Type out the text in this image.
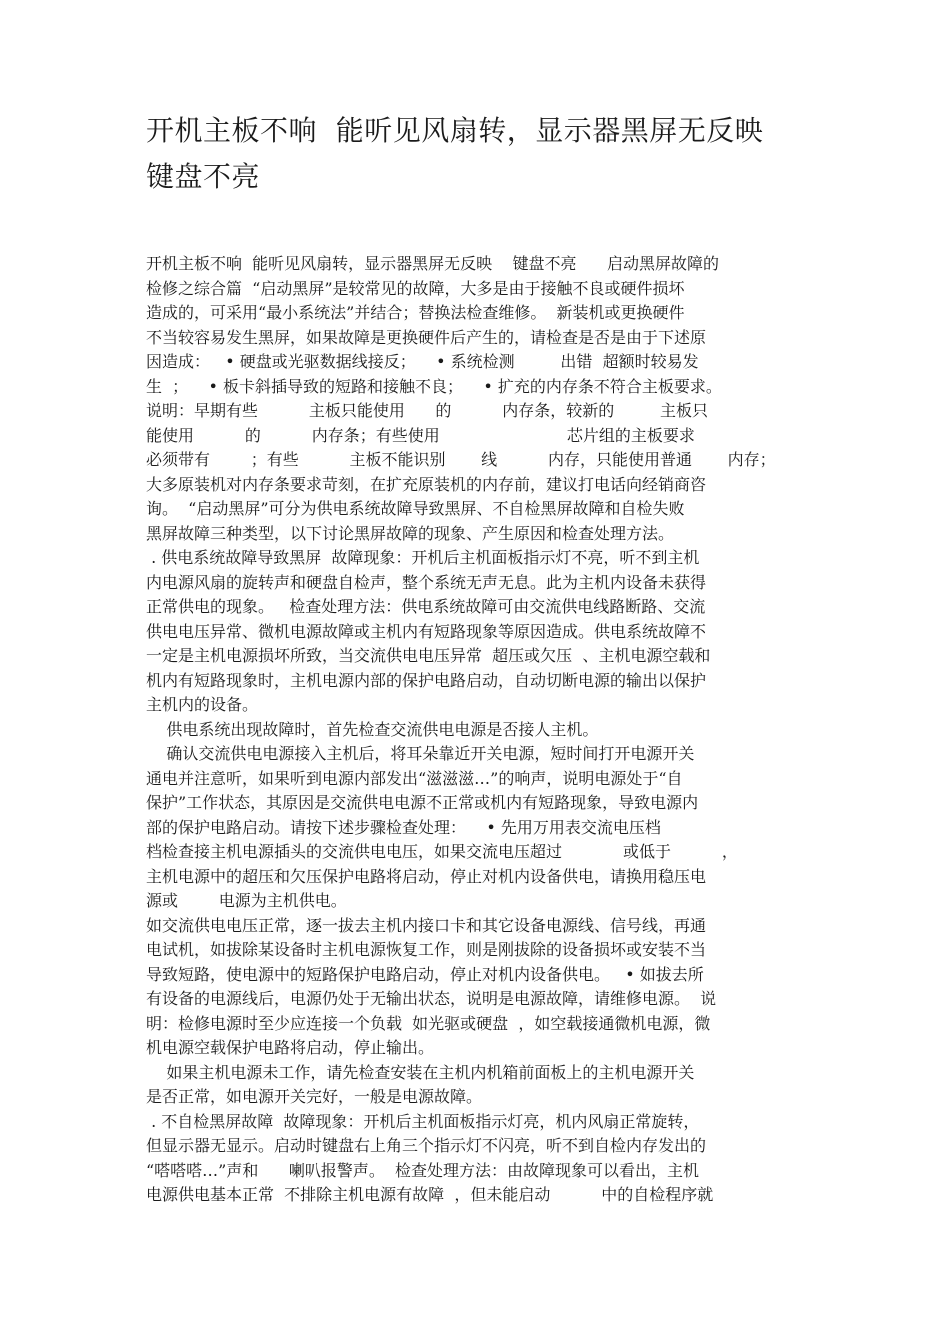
开机主板不响  能听见风扇转，显示器黑屏无反映
键盘不亮
开机主板不响  能听见风扇转，显示器黑屏无反映    键盘不亮      启动黑屏故障的
检修之综合篇  “启动黑屏”是较常见的故障，大多是由于接触不良或硬件损坏
造成的，可采用“最小系统法”并结合；替换法检查维修。  新装机或更换硬件
不当较容易发生黑屏，如果故障是更换硬件后产生的，请检查是否是由于下述原
因造成：   • 硬盘或光驱数据线接反；    • 系统检测         出错  超额时较易发
生  ；    • 板卡斜插导致的短路和接触不良；    • 扩充的内存条不符合主板要求。
说明：早期有些          主板只能使用      的          内存条，较新的         主板只
能使用          的          内存条；有些使用                         芯片组的主板要求
必须带有        ；有些          主板不能识别       线          内存，只能使用普通       内存；
大多原装机对内存条要求苛刻，在扩充原装机的内存前，建议打电话向经销商咨
询。  “启动黑屏”可分为供电系统故障导致黑屏、不自检黑屏故障和自检失败
黑屏故障三种类型，以下讨论黑屏故障的现象、产生原因和检查处理方法。
. 供电系统故障导致黑屏  故障现象：开机后主机面板指示灯不亮，听不到主机
内电源风扇的旋转声和硬盘自检声，整个系统无声无息。此为主机内设备未获得
正常供电的现象。   检查处理方法：供电系统故障可由交流供电线路断路、交流
供电电压异常、微机电源故障或主机内有短路现象等原因造成。供电系统故障不
一定是主机电源损坏所致，当交流供电电压异常  超压或欠压  、主机电源空载和
机内有短路现象时，主机电源内部的保护电路启动，自动切断电源的输出以保护
主机内的设备。
供电系统出现故障时，首先检查交流供电电源是否接人主机。
确认交流供电电源接入主机后，将耳朵靠近开关电源，短时间打开电源开关
通电并注意听，如果听到电源内部发出“滋滋滋…”的响声，说明电源处于“自
保护”工作状态，其原因是交流供电电源不正常或机内有短路现象，导致电源内
部的保护电路启动。请按下述步骤检查处理：    • 先用万用表交流电压档
档检查接主机电源插头的交流供电电压，如果交流电压超过            或低于          ，
主机电源中的超压和欠压保护电路将启动，停止对机内设备供电，请换用稳压电
源或        电源为主机供电。
如交流供电电压正常，逐一拔去主机内接口卡和其它设备电源线、信号线，再通
电试机，如拔除某设备时主机电源恢复工作，则是刚拔除的设备损坏或安装不当
导致短路，使电源中的短路保护电路启动，停止对机内设备供电。   • 如拔去所
有设备的电源线后，电源仍处于无输出状态，说明是电源故障，请维修电源。  说
明：检修电源时至少应连接一个负载  如光驱或硬盘  ，如空载接通微机电源，微
机电源空载保护电路将启动，停止输出。
如果主机电源未工作，请先检查安装在主机内机箱前面板上的主机电源开关
是否正常，如电源开关完好，一般是电源故障。
. 不自检黑屏故障  故障现象：开机后主机面板指示灯亮，机内风扇正常旋转，
但显示器无显示。启动时键盘右上角三个指示灯不闪亮，听不到自检内存发出的
“嗒嗒嗒…”声和      喇叭报警声。  检查处理方法：由故障现象可以看出，主机
电源供电基本正常  不排除主机电源有故障  ，但未能启动          中的自检程序就
